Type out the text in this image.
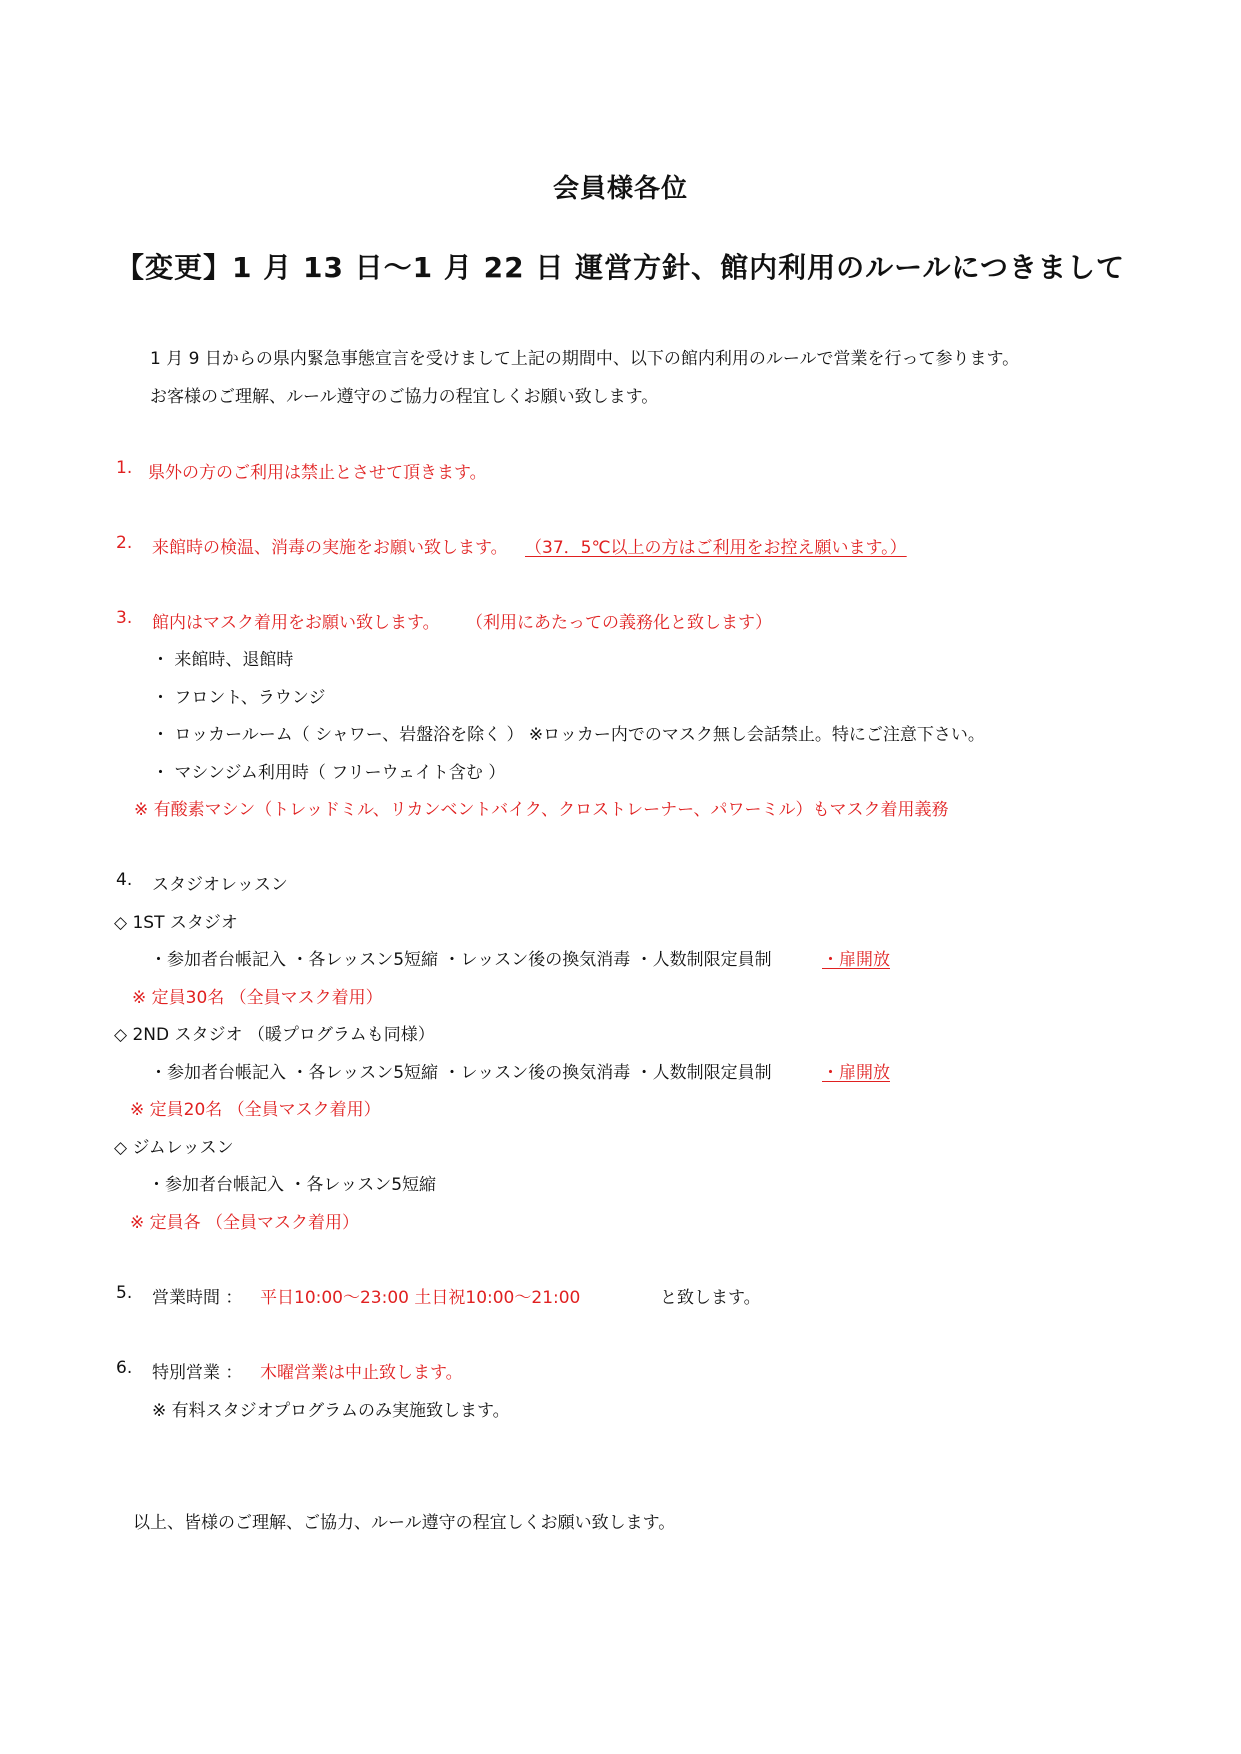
会員様各位
【変更】1 月 13 日～1 月 22 日 運営方針、館内利用のルールにつきまして
1 月 9 日からの県内緊急事態宣言を受けまして上記の期間中、以下の館内利用のルールで営業を行って参ります。
お客様のご理解、ルール遵守のご協力の程宜しくお願い致します。
1. 県外の方のご利用は禁止とさせて頂きます。
2. 来館時の検温、消毒の実施をお願い致します。 （37．5℃以上の方はご利用をお控え願います。）
3. 館内はマスク着用をお願い致します。 （利用にあたっての義務化と致します）
・ 来館時、退館時
・ フロント、ラウンジ
・ ロッカールーム（ シャワー、岩盤浴を除く ） ※ロッカー内でのマスク無し会話禁止。特にご注意下さい。
・ マシンジム利用時（ フリーウェイト含む ）
※ 有酸素マシン（トレッドミル、リカンベントバイク、クロストレーナー、パワーミル）もマスク着用義務
4. スタジオレッスン
◇ 1ST スタジオ
・参加者台帳記入 ・各レッスン5短縮 ・レッスン後の換気消毒 ・人数制限定員制	・扉開放
※ 定員30名 （全員マスク着用）
◇ 2ND スタジオ （暖プログラムも同様）
・参加者台帳記入 ・各レッスン5短縮 ・レッスン後の換気消毒 ・人数制限定員制	・扉開放
※ 定員20名 （全員マスク着用）
◇ ジムレッスン
・参加者台帳記入 ・各レッスン5短縮
※ 定員各 （全員マスク着用）
5. 営業時間 ： 平日10:00～23:00 土日祝10:00～21:00	と致します。
6. 特別営業 ： 木曜営業は中止致します。
※ 有料スタジオプログラムのみ実施致します。
以上、皆様のご理解、ご協力、ルール遵守の程宜しくお願い致します。
